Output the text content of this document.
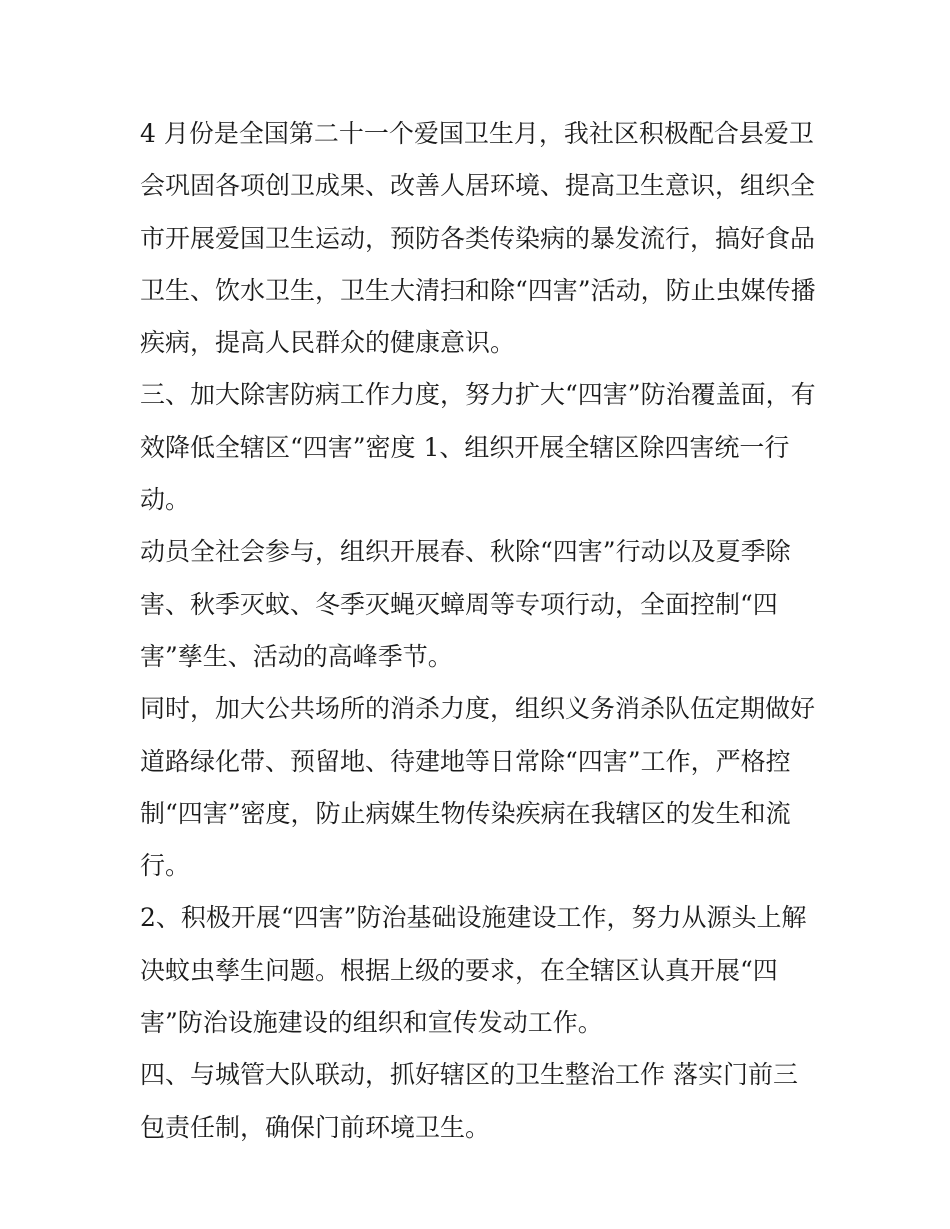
4 月份是全国第二十一个爱国卫生月，我社区积极配合县爱卫
会巩固各项创卫成果、改善人居环境、提高卫生意识，组织全
市开展爱国卫生运动，预防各类传染病的暴发流行，搞好食品
卫生、饮水卫生，卫生大清扫和除“四害”活动，防止虫媒传播
疾病，提高人民群众的健康意识。
三、加大除害防病工作力度，努力扩大“四害”防治覆盖面，有
效降低全辖区“四害”密度 1、组织开展全辖区除四害统一行
动。
动员全社会参与，组织开展春、秋除“四害”行动以及夏季除
害、秋季灭蚊、冬季灭蝇灭蟑周等专项行动，全面控制“四
害”孳生、活动的高峰季节。
同时，加大公共场所的消杀力度，组织义务消杀队伍定期做好
道路绿化带、预留地、待建地等日常除“四害”工作，严格控
制“四害”密度，防止病媒生物传染疾病在我辖区的发生和流
行。
2、积极开展“四害”防治基础设施建设工作，努力从源头上解
决蚊虫孳生问题。根据上级的要求，在全辖区认真开展“四
害”防治设施建设的组织和宣传发动工作。
四、与城管大队联动，抓好辖区的卫生整治工作 落实门前三
包责任制，确保门前环境卫生。
